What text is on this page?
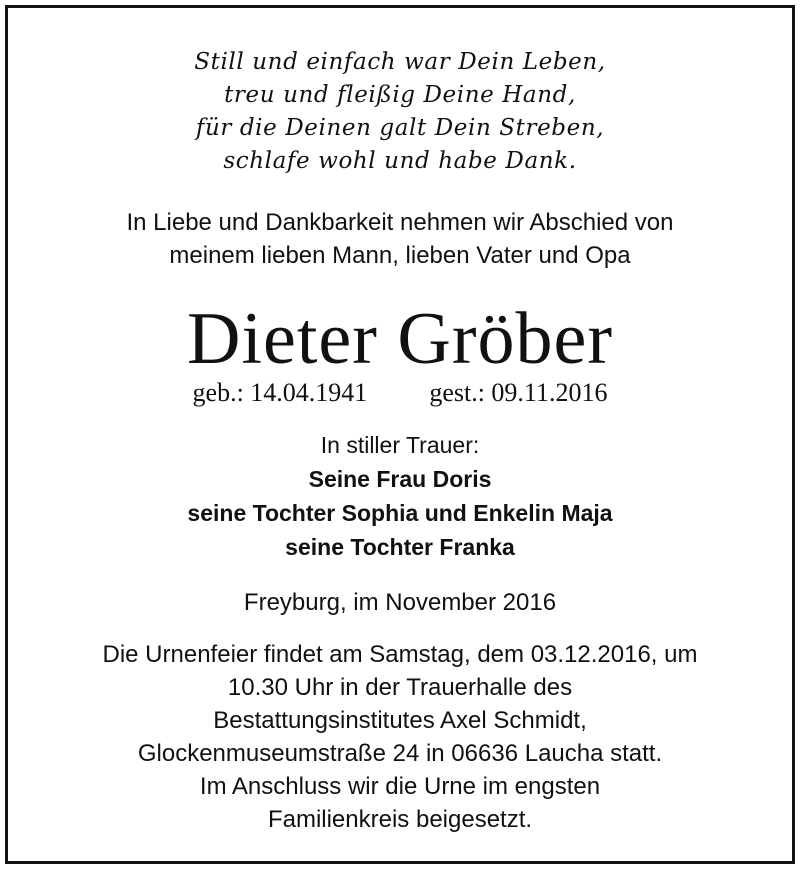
Still und einfach war Dein Leben,
treu und fleißig Deine Hand,
für die Deinen galt Dein Streben,
schlafe wohl und habe Dank.
In Liebe und Dankbarkeit nehmen wir Abschied von
meinem lieben Mann, lieben Vater und Opa
Dieter Gröber
geb.: 14.04.1941 gest.: 09.11.2016
In stiller Trauer:
Seine Frau Doris
seine Tochter Sophia und Enkelin Maja
seine Tochter Franka
Freyburg, im November 2016
Die Urnenfeier findet am Samstag, dem 03.12.2016, um
10.30 Uhr in der Trauerhalle des
Bestattungsinstitutes Axel Schmidt,
Glockenmuseumstraße 24 in 06636 Laucha statt.
Im Anschluss wir die Urne im engsten
Familienkreis beigesetzt.
